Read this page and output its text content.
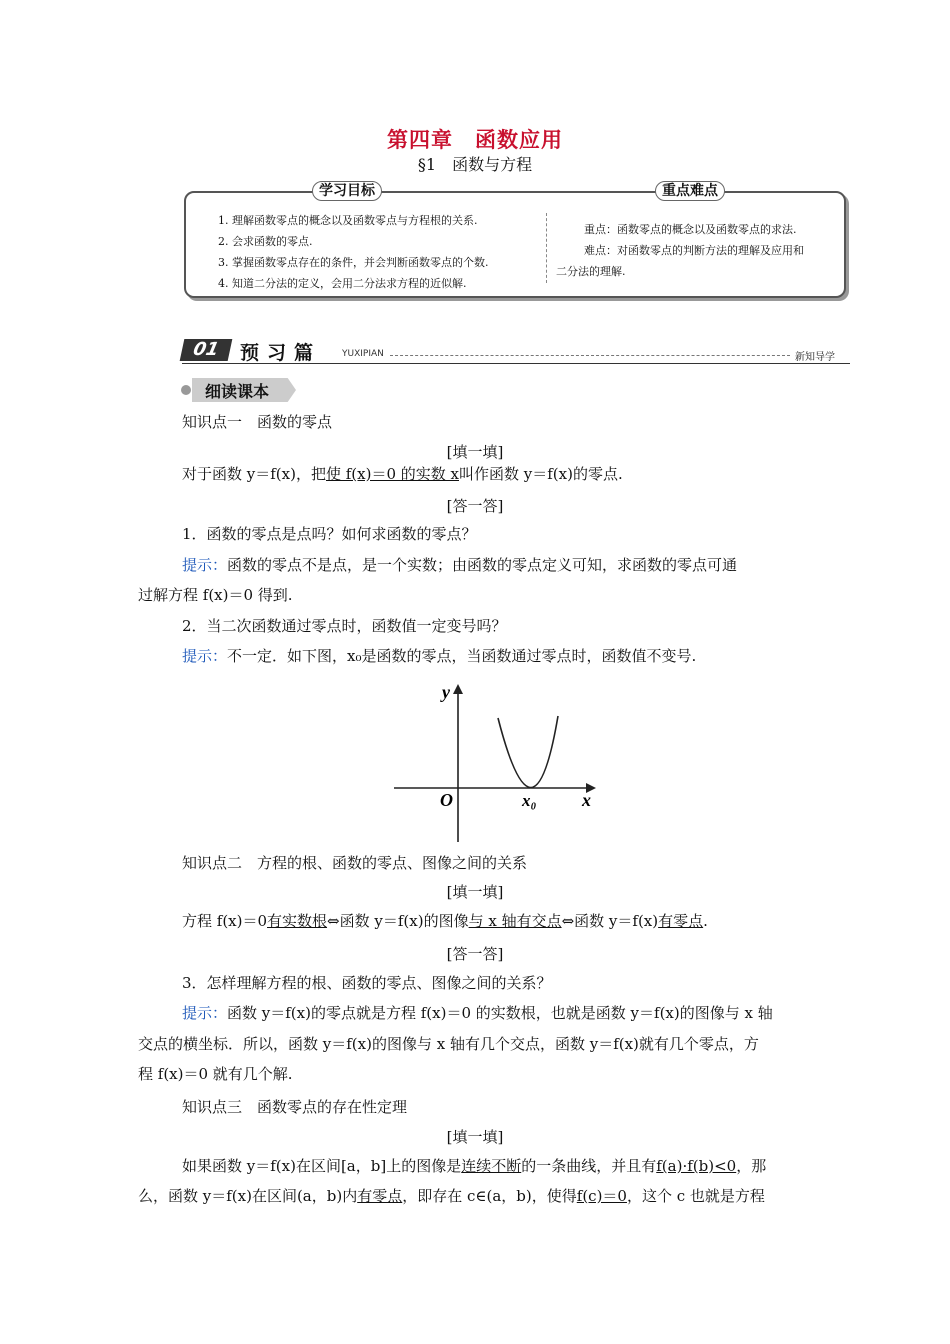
第四章　函数应用
§1　函数与方程
学习目标	重点难点
1. 理解函数零点的概念以及函数零点与方程根的关系.
2. 会求函数的零点.
3. 掌握函数零点存在的条件，并会判断函数零点的个数.
4. 知道二分法的定义，会用二分法求方程的近似解.
重点：函数零点的概念以及函数零点的求法.
难点：对函数零点的判断方法的理解及应用和
二分法的理解.
01	预习篇 YUXIPIAN	新知导学
细读课本
知识点一　函数的零点
[填一填]
对于函数 y＝f(x)，把使 f(x)＝0 的实数 x叫作函数 y＝f(x)的零点.
[答一答]
1．函数的零点是点吗？如何求函数的零点？
提示：函数的零点不是点，是一个实数；由函数的零点定义可知，求函数的零点可通
过解方程 f(x)＝0 得到.
2．当二次函数通过零点时，函数值一定变号吗？
提示：不一定．如下图，x₀是函数的零点，当函数通过零点时，函数值不变号.
y
x
O	x₀
知识点二　方程的根、函数的零点、图像之间的关系
[填一填]
方程 f(x)＝0有实数根⇔函数 y＝f(x)的图像与 x 轴有交点⇔函数 y＝f(x)有零点.
[答一答]
3．怎样理解方程的根、函数的零点、图像之间的关系？
提示：函数 y＝f(x)的零点就是方程 f(x)＝0 的实数根，也就是函数 y＝f(x)的图像与 x 轴
交点的横坐标．所以，函数 y＝f(x)的图像与 x 轴有几个交点，函数 y＝f(x)就有几个零点，方
程 f(x)＝0 就有几个解.
知识点三　函数零点的存在性定理
[填一填]
如果函数 y＝f(x)在区间[a，b]上的图像是连续不断的一条曲线，并且有f(a)·f(b)<0，那
么，函数 y＝f(x)在区间(a，b)内有零点，即存在 c∈(a，b)，使得f(c)＝0，这个 c 也就是方程
